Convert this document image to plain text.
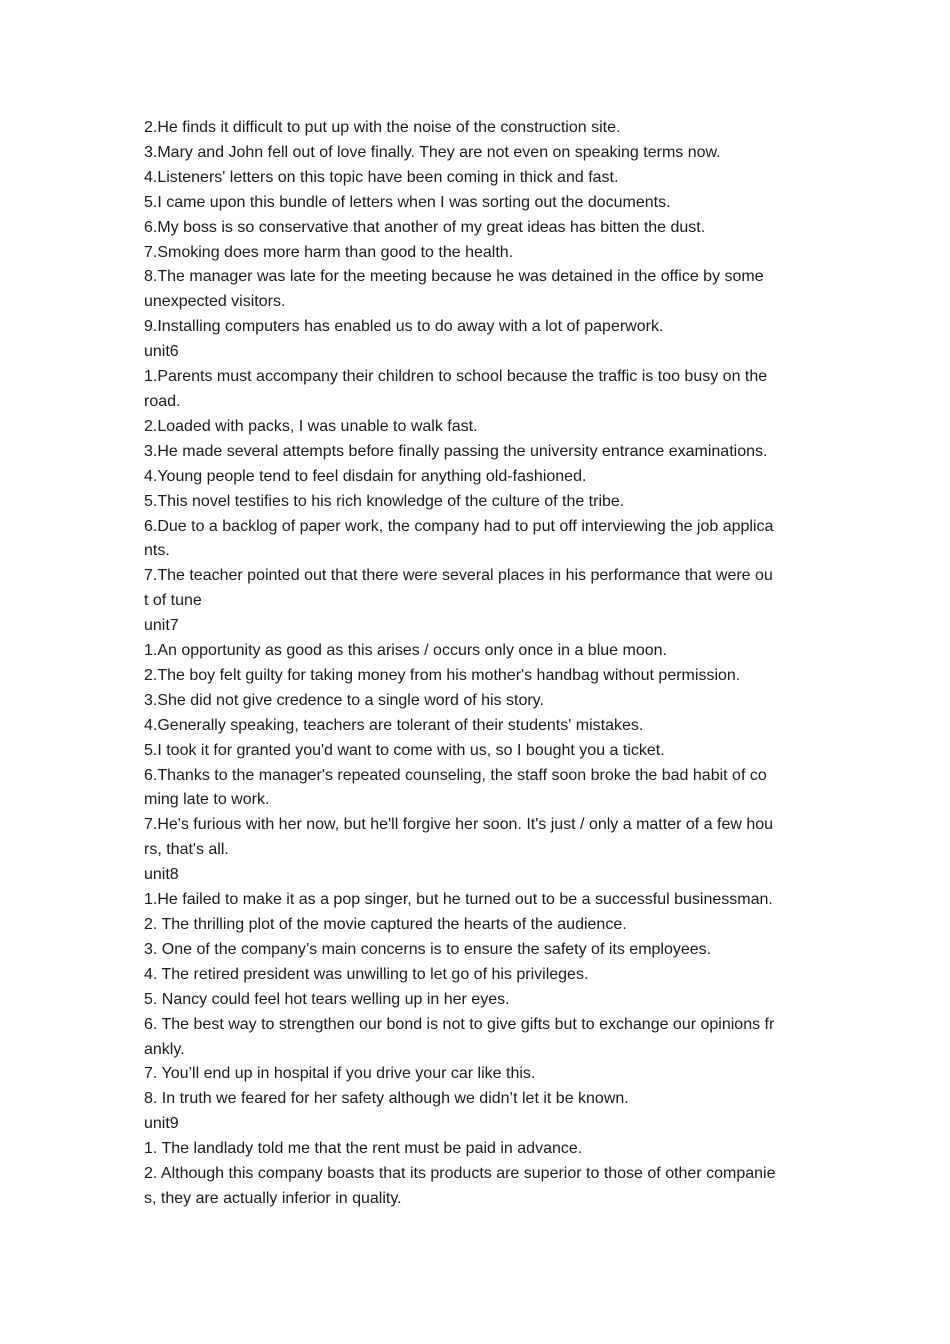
2.He finds it difficult to put up with the noise of the construction site.
3.Mary and John fell out of love finally. They are not even on speaking terms now.
4.Listeners' letters on this topic have been coming in thick and fast.
5.I came upon this bundle of letters when I was sorting out the documents.
6.My boss is so conservative that another of my great ideas has bitten the dust.
7.Smoking does more harm than good to the health.
8.The manager was late for the meeting because he was detained in the office by some
unexpected visitors.
9.Installing computers has enabled us to do away with a lot of paperwork.
unit6
1.Parents must accompany their children to school because the traffic is too busy on the
road.
2.Loaded with packs, I was unable to walk fast.
3.He made several attempts before finally passing the university entrance examinations.
4.Young people tend to feel disdain for anything old-fashioned.
5.This novel testifies to his rich knowledge of the culture of the tribe.
6.Due to a backlog of paper work, the company had to put off interviewing the job applica
nts.
7.The teacher pointed out that there were several places in his performance that were ou
t of tune
unit7
1.An opportunity as good as this arises / occurs only once in a blue moon.
2.The boy felt guilty for taking money from his mother's handbag without permission.
3.She did not give credence to a single word of his story.
4.Generally speaking, teachers are tolerant of their students' mistakes.
5.I took it for granted you'd want to come with us, so I bought you a ticket.
6.Thanks to the manager's repeated counseling, the staff soon broke the bad habit of co
ming late to work.
7.He's furious with her now, but he'll forgive her soon. It's just / only a matter of a few hou
rs, that's all.
unit8
1.He failed to make it as a pop singer, but he turned out to be a successful businessman.
2. The thrilling plot of the movie captured the hearts of the audience.
3. One of the company’s main concerns is to ensure the safety of its employees.
4. The retired president was unwilling to let go of his privileges.
5. Nancy could feel hot tears welling up in her eyes.
6. The best way to strengthen our bond is not to give gifts but to exchange our opinions fr
ankly.
7. You’ll end up in hospital if you drive your car like this.
8. In truth we feared for her safety although we didn’t let it be known.
unit9
1. The landlady told me that the rent must be paid in advance.
2. Although this company boasts that its products are superior to those of other companie
s, they are actually inferior in quality.
